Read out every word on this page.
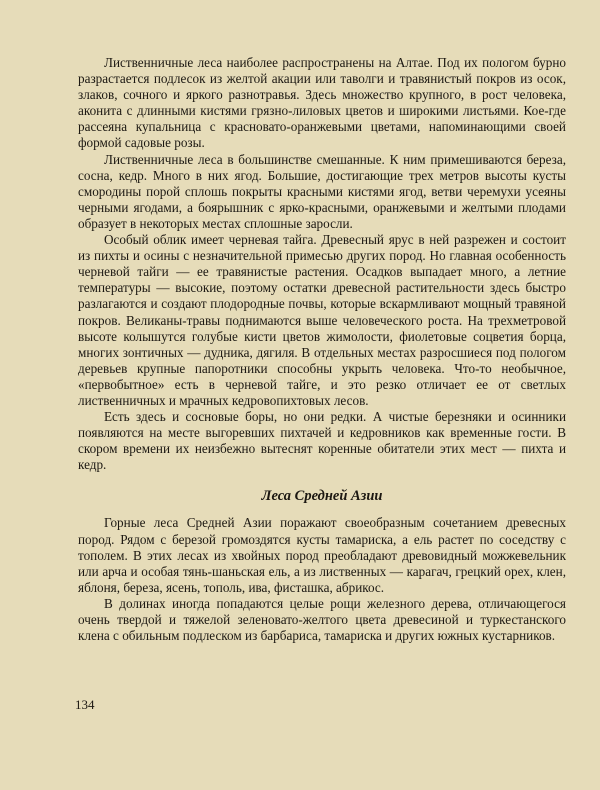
Лиственничные леса наиболее распространены на Алтае. Под их пологом бурно разрастается подлесок из желтой акации или таволги и травянистый покров из осок, злаков, сочного и яркого разнотравья. Здесь множество крупного, в рост человека, аконита с длинными кистями грязно-лиловых цветов и широкими листьями. Кое-где рассеяна купальница с красновато-оранжевыми цветами, напоминающими своей формой садовые розы.

Лиственничные леса в большинстве смешанные. К ним примешиваются береза, сосна, кедр. Много в них ягод. Большие, достигающие трех метров высоты кусты смородины порой сплошь покрыты красными кистями ягод, ветви черемухи усеяны черными ягодами, а боярышник с ярко-красными, оранжевыми и желтыми плодами образует в некоторых местах сплошные заросли.

Особый облик имеет черневая тайга. Древесный ярус в ней разрежен и состоит из пихты и осины с незначительной примесью других пород. Но главная особенность черневой тайги — ее травянистые растения. Осадков выпадает много, а летние температуры — высокие, поэтому остатки древесной растительности здесь быстро разлагаются и создают плодородные почвы, которые вскармливают мощный травяной покров. Великаны-травы поднимаются выше человеческого роста. На трехметровой высоте колышутся голубые кисти цветов жимолости, фиолетовые соцветия борца, многих зонтичных — дудника, дягиля. В отдельных местах разросшиеся под пологом деревьев крупные папоротники способны укрыть человека. Что-то необычное, «первобытное» есть в черневой тайге, и это резко отличает ее от светлых лиственничных и мрачных кедровопихтовых лесов.

Есть здесь и сосновые боры, но они редки. А чистые березняки и осинники появляются на месте выгоревших пихтачей и кедровников как временные гости. В скором времени их неизбежно вытеснят коренные обитатели этих мест — пихта и кедр.

Леса Средней Азии

Горные леса Средней Азии поражают своеобразным сочетанием древесных пород. Рядом с березой громоздятся кусты тамариска, а ель растет по соседству с тополем. В этих лесах из хвойных пород преобладают древовидный можжевельник или арча и особая тянь-шаньская ель, а из лиственных — карагач, грецкий орех, клен, яблоня, береза, ясень, тополь, ива, фисташка, абрикос.

В долинах иногда попадаются целые рощи железного дерева, отличающегося очень твердой и тяжелой зеленовато-желтого цвета древесиной и туркестанского клена с обильным подлеском из барбариса, тамариска и других южных кустарников.

134
